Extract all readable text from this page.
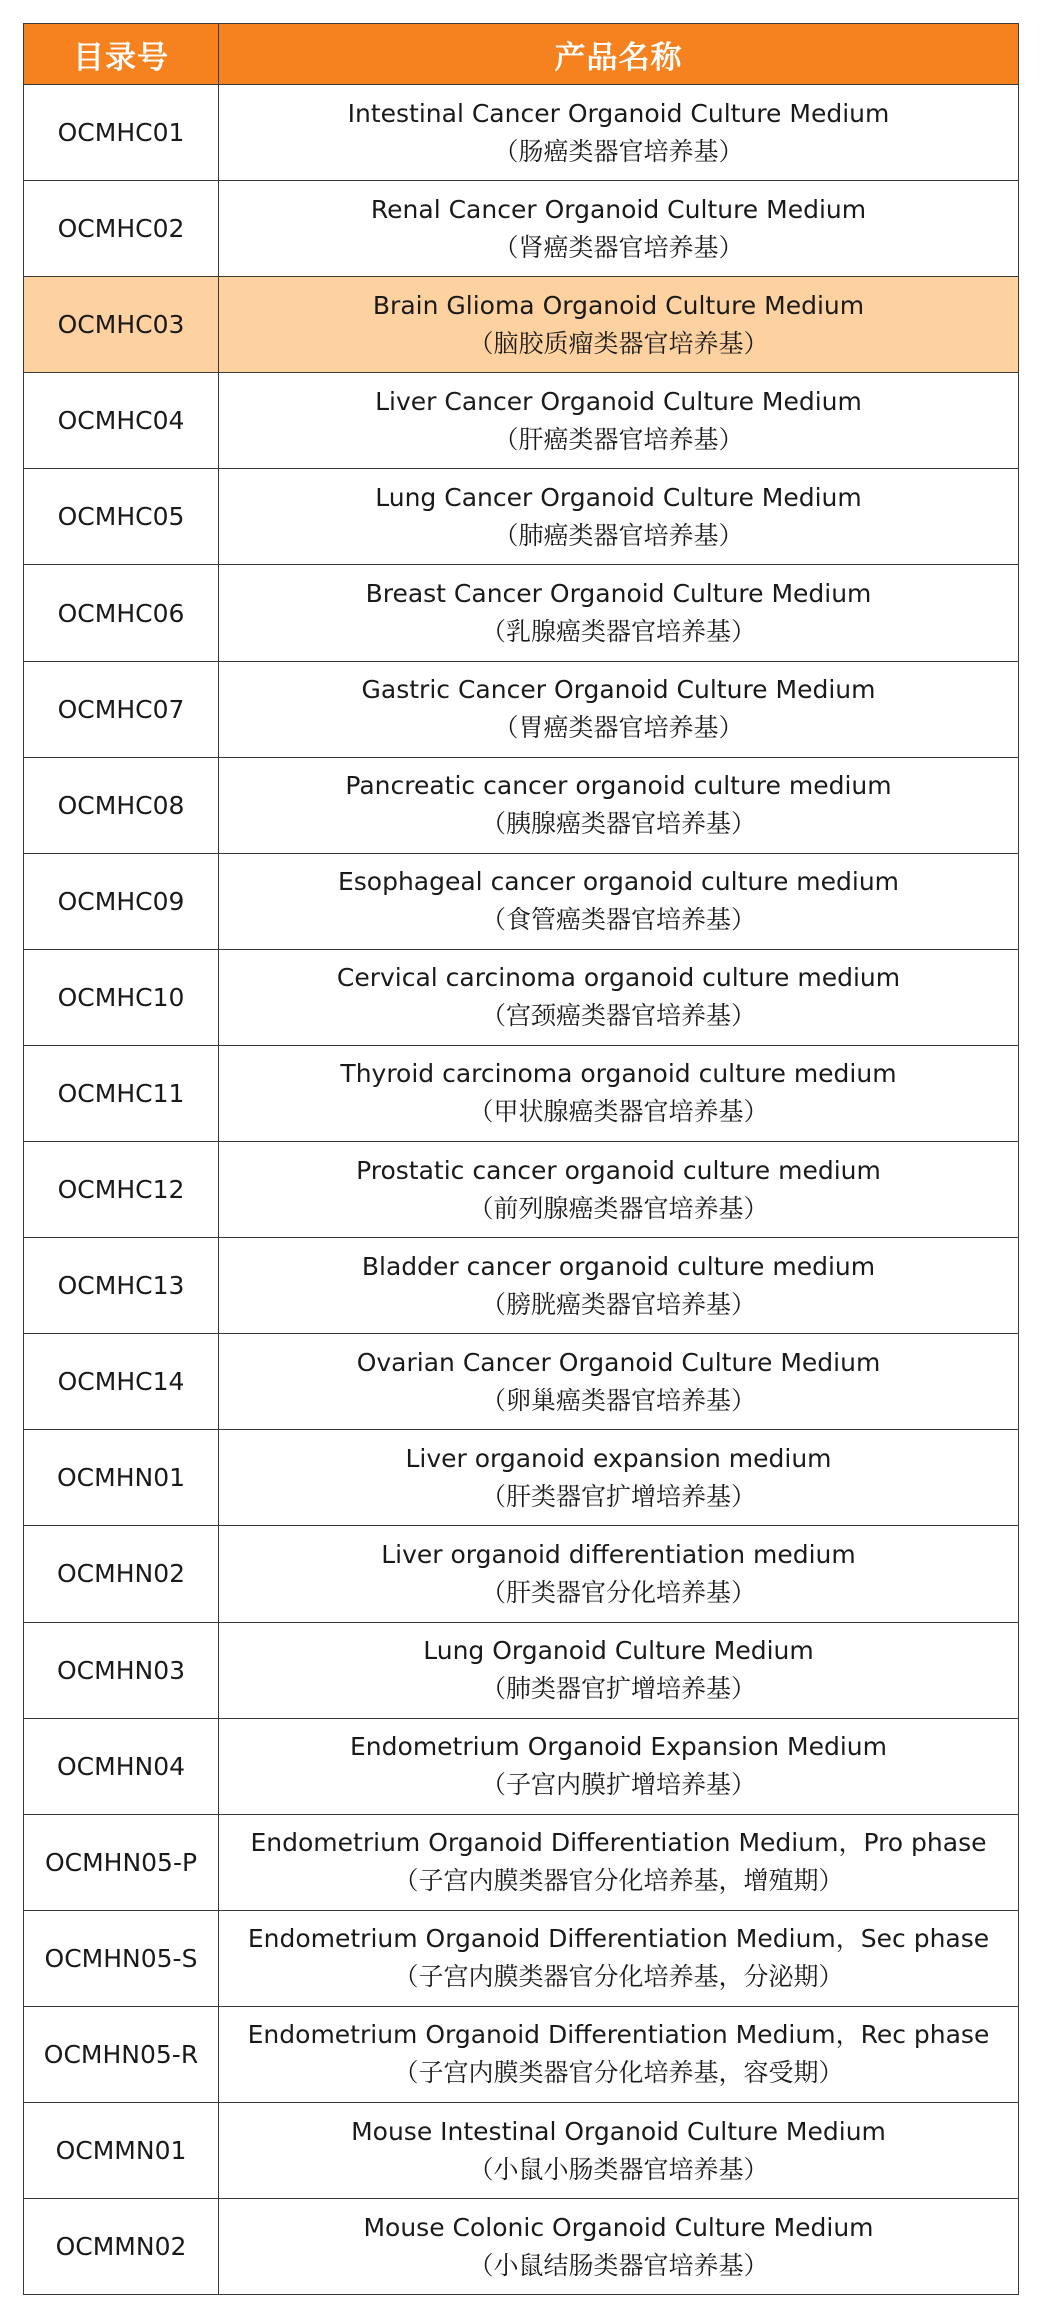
目录号	产品名称
OCMHC01	Intestinal Cancer Organoid Culture Medium
（肠癌类器官培养基）

OCMHC02	Renal Cancer Organoid Culture Medium
（肾癌类器官培养基）

OCMHC03	Brain Glioma Organoid Culture Medium
（脑胶质瘤类器官培养基）

OCMHC04	Liver Cancer Organoid Culture Medium
（肝癌类器官培养基）

OCMHC05	Lung Cancer Organoid Culture Medium
（肺癌类器官培养基）

OCMHC06	Breast Cancer Organoid Culture Medium
（乳腺癌类器官培养基）

OCMHC07	Gastric Cancer Organoid Culture Medium
（胃癌类器官培养基）

OCMHC08	Pancreatic cancer organoid culture medium
（胰腺癌类器官培养基）

OCMHC09	Esophageal cancer organoid culture medium
（食管癌类器官培养基）

OCMHC10	Cervical carcinoma organoid culture medium
（宫颈癌类器官培养基）

OCMHC11	Thyroid carcinoma organoid culture medium
（甲状腺癌类器官培养基）

OCMHC12	Prostatic cancer organoid culture medium
（前列腺癌类器官培养基）

OCMHC13	Bladder cancer organoid culture medium
（膀胱癌类器官培养基）

OCMHC14	Ovarian Cancer Organoid Culture Medium
（卵巢癌类器官培养基）

OCMHN01	Liver organoid expansion medium
（肝类器官扩增培养基）

OCMHN02	Liver organoid differentiation medium
（肝类器官分化培养基）

OCMHN03	Lung Organoid Culture Medium
（肺类器官扩增培养基）

OCMHN04	Endometrium Organoid Expansion Medium
（子宫内膜扩增培养基）

OCMHN05-P	Endometrium Organoid Differentiation Medium，Pro phase
（子宫内膜类器官分化培养基，增殖期）

OCMHN05-S	Endometrium Organoid Differentiation Medium，Sec phase
（子宫内膜类器官分化培养基，分泌期）

OCMHN05-R	Endometrium Organoid Differentiation Medium，Rec phase
（子宫内膜类器官分化培养基，容受期）

OCMMN01	Mouse Intestinal Organoid Culture Medium
（小鼠小肠类器官培养基）

OCMMN02	Mouse Colonic Organoid Culture Medium
（小鼠结肠类器官培养基）
